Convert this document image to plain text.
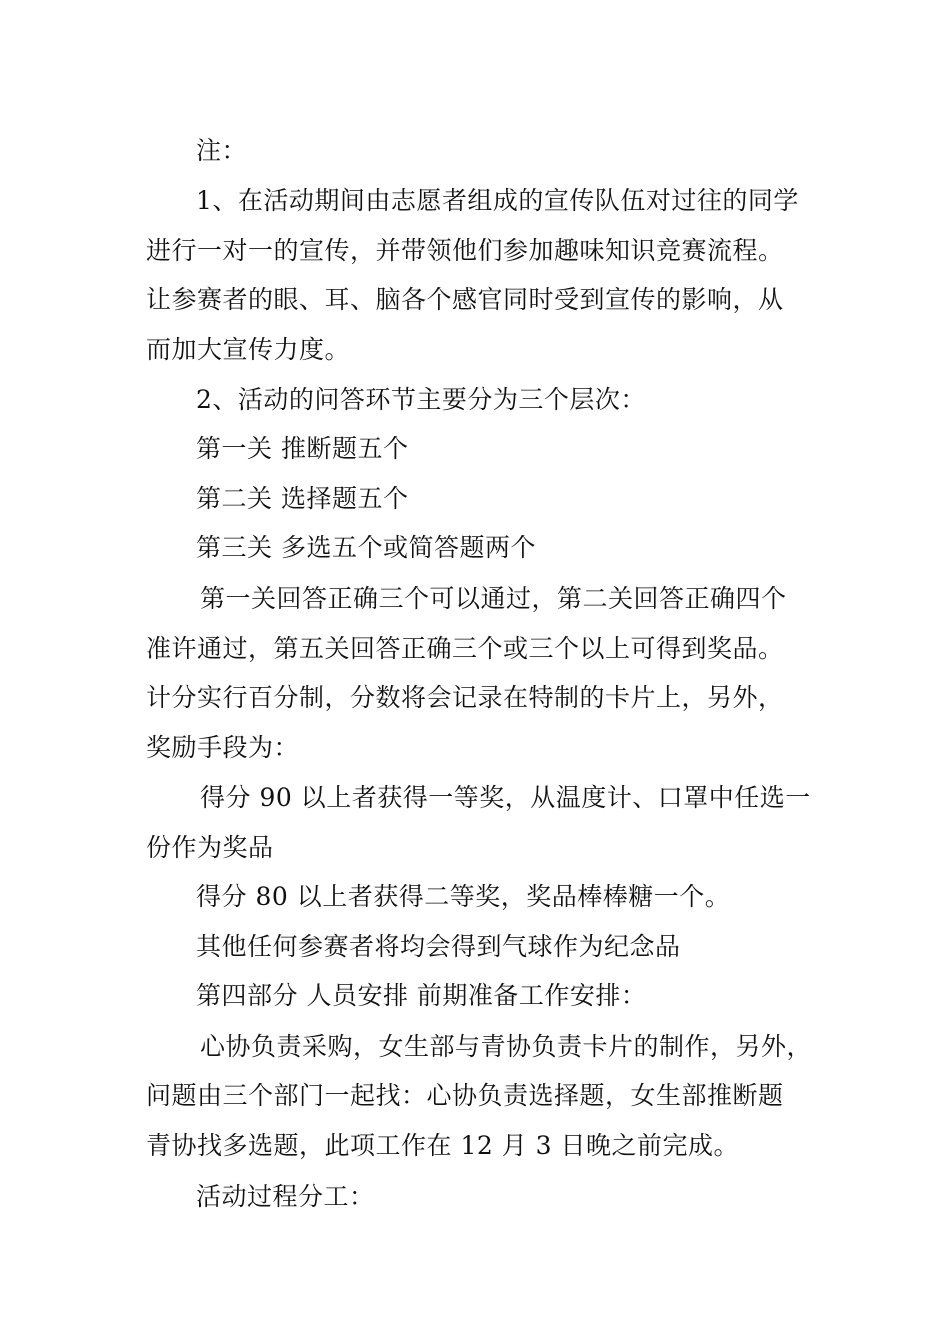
注：
1、在活动期间由志愿者组成的宣传队伍对过往的同学
进行一对一的宣传，并带领他们参加趣味知识竞赛流程。
让参赛者的眼、耳、脑各个感官同时受到宣传的影响，从
而加大宣传力度。
2、活动的问答环节主要分为三个层次：
第一关 推断题五个
第二关 选择题五个
第三关 多选五个或简答题两个
第一关回答正确三个可以通过，第二关回答正确四个
准许通过，第五关回答正确三个或三个以上可得到奖品。
计分实行百分制，分数将会记录在特制的卡片上，另外，
奖励手段为：
得分 90 以上者获得一等奖，从温度计、口罩中任选一
份作为奖品
得分 80 以上者获得二等奖，奖品棒棒糖一个。
其他任何参赛者将均会得到气球作为纪念品
第四部分 人员安排 前期准备工作安排：
心协负责采购，女生部与青协负责卡片的制作，另外，
问题由三个部门一起找：心协负责选择题，女生部推断题
青协找多选题，此项工作在 12 月 3 日晚之前完成。
活动过程分工：
